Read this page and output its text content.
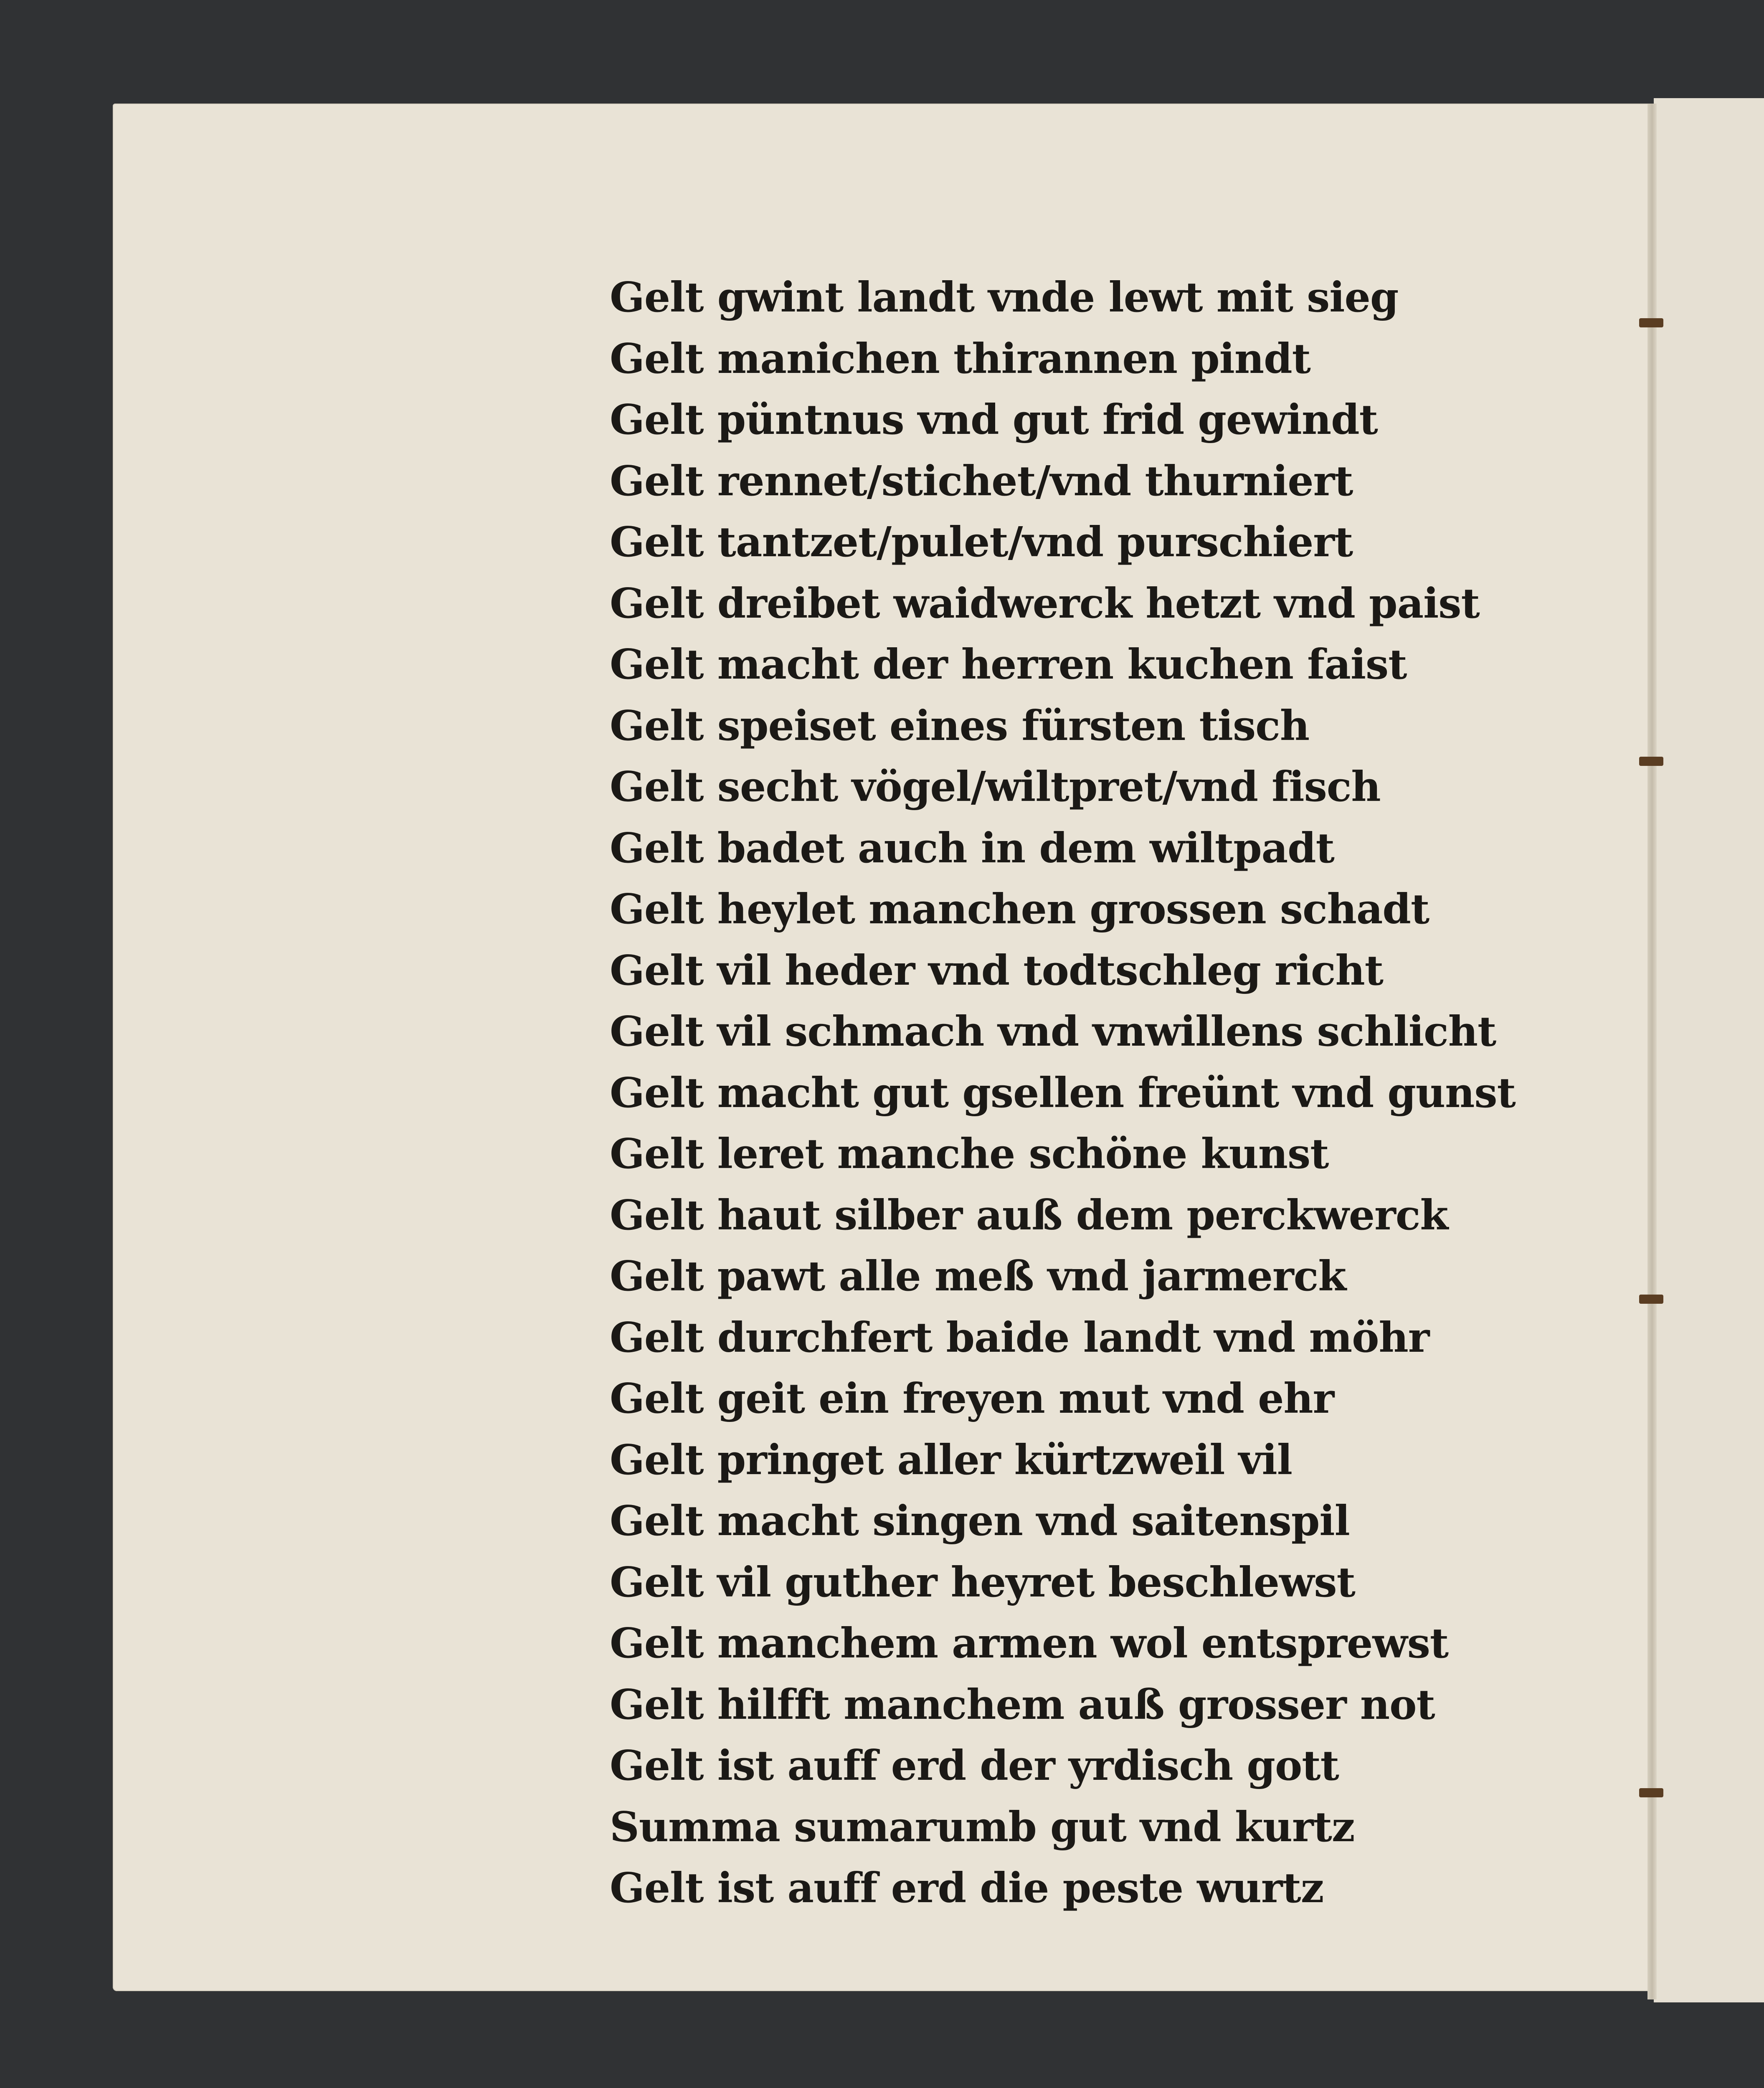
Gelt gwint landt vnde lewt mit sieg
Gelt manichen thirannen pindt
Gelt püntnus vnd gut frid gewindt
Gelt rennet/stichet/vnd thurniert
Gelt tantzet/pulet/vnd purschiert
Gelt dreibet waidwerck hetzt vnd paist
Gelt macht der herren kuchen faist
Gelt speiset eines fürsten tisch
Gelt secht vögel/wiltpret/vnd fisch
Gelt badet auch in dem wiltpadt
Gelt heylet manchen grossen schadt
Gelt vil heder vnd todtschleg richt
Gelt vil schmach vnd vnwillens schlicht
Gelt macht gut gsellen freünt vnd gunst
Gelt leret manche schöne kunst
Gelt haut silber auß dem perckwerck
Gelt pawt alle meß vnd jarmerck
Gelt durchfert baide landt vnd möhr
Gelt geit ein freyen mut vnd ehr
Gelt pringet aller kürtzweil vil
Gelt macht singen vnd saitenspil
Gelt vil guther heyret beschlewst
Gelt manchem armen wol entsprewst
Gelt hilfft manchem auß grosser not
Gelt ist auff erd der yrdisch gott
Summa sumarumb gut vnd kurtz
Gelt ist auff erd die peste wurtz
